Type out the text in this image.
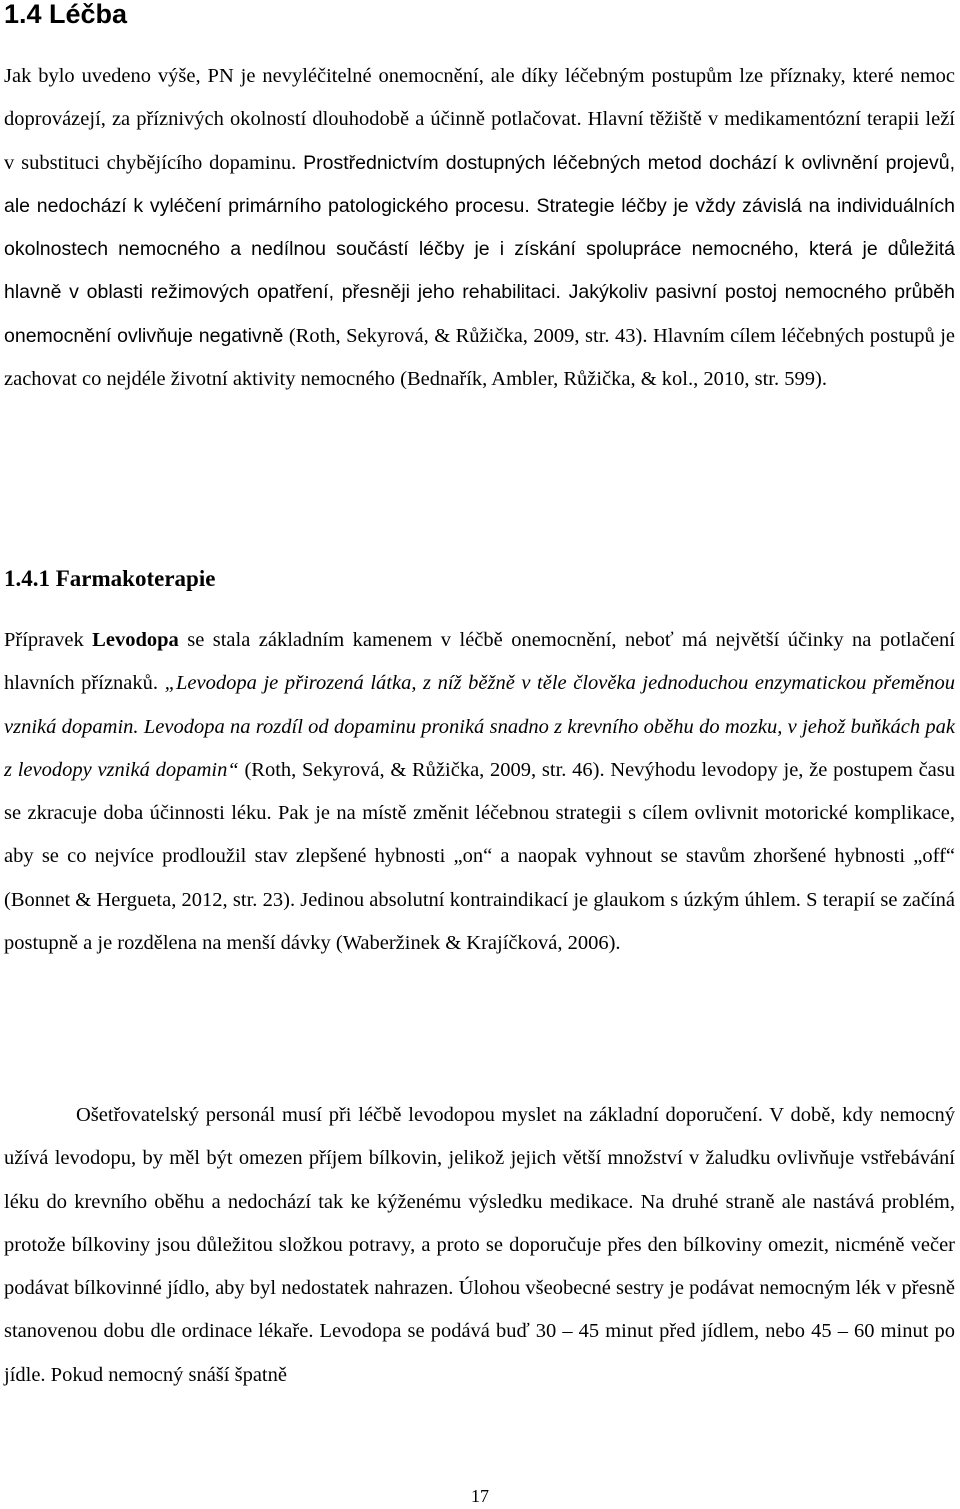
1.4 Léčba

Jak bylo uvedeno výše, PN je nevyléčitelné onemocnění, ale díky léčebným postupům lze příznaky, které nemoc doprovázejí, za příznivých okolností dlouhodobě a účinně potlačovat. Hlavní těžiště v medikamentózní terapii leží v substituci chybějícího dopaminu. Prostřednictvím dostupných léčebných metod dochází k ovlivnění projevů, ale nedochází k vyléčení primárního patologického procesu. Strategie léčby je vždy závislá na individuálních okolnostech nemocného a nedílnou součástí léčby je i získání spolupráce nemocného, která je důležitá hlavně v oblasti režimových opatření, přesněji jeho rehabilitaci. Jakýkoliv pasivní postoj nemocného průběh onemocnění ovlivňuje negativně (Roth, Sekyrová, & Růžička, 2009, str. 43). Hlavním cílem léčebných postupů je zachovat co nejdéle životní aktivity nemocného (Bednařík, Ambler, Růžička, & kol., 2010, str. 599).

1.4.1 Farmakoterapie

Přípravek Levodopa se stala základním kamenem v léčbě onemocnění, neboť má největší účinky na potlačení hlavních příznaků. „Levodopa je přirozená látka, z níž běžně v těle člověka jednoduchou enzymatickou přeměnou vzniká dopamin. Levodopa na rozdíl od dopaminu proniká snadno z krevního oběhu do mozku, v jehož buňkách pak z levodopy vzniká dopamin“ (Roth, Sekyrová, & Růžička, 2009, str. 46). Nevýhodu levodopy je, že postupem času se zkracuje doba účinnosti léku. Pak je na místě změnit léčebnou strategii s cílem ovlivnit motorické komplikace, aby se co nejvíce prodloužil stav zlepšené hybnosti „on“ a naopak vyhnout se stavům zhoršené hybnosti „off“ (Bonnet & Hergueta, 2012, str. 23). Jedinou absolutní kontraindikací je glaukom s úzkým úhlem. S terapií se začíná postupně a je rozdělena na menší dávky (Waberžinek & Krajíčková, 2006).

Ošetřovatelský personál musí při léčbě levodopou myslet na základní doporučení. V době, kdy nemocný užívá levodopu, by měl být omezen příjem bílkovin, jelikož jejich větší množství v žaludku ovlivňuje vstřebávání léku do krevního oběhu a nedochází tak ke kýženému výsledku medikace. Na druhé straně ale nastává problém, protože bílkoviny jsou důležitou složkou potravy, a proto se doporučuje přes den bílkoviny omezit, nicméně večer podávat bílkovinné jídlo, aby byl nedostatek nahrazen. Úlohou všeobecné sestry je podávat nemocným lék v přesně stanovenou dobu dle ordinace lékaře. Levodopa se podává buď 30 – 45 minut před jídlem, nebo 45 – 60 minut po jídle. Pokud nemocný snáší špatně

17
